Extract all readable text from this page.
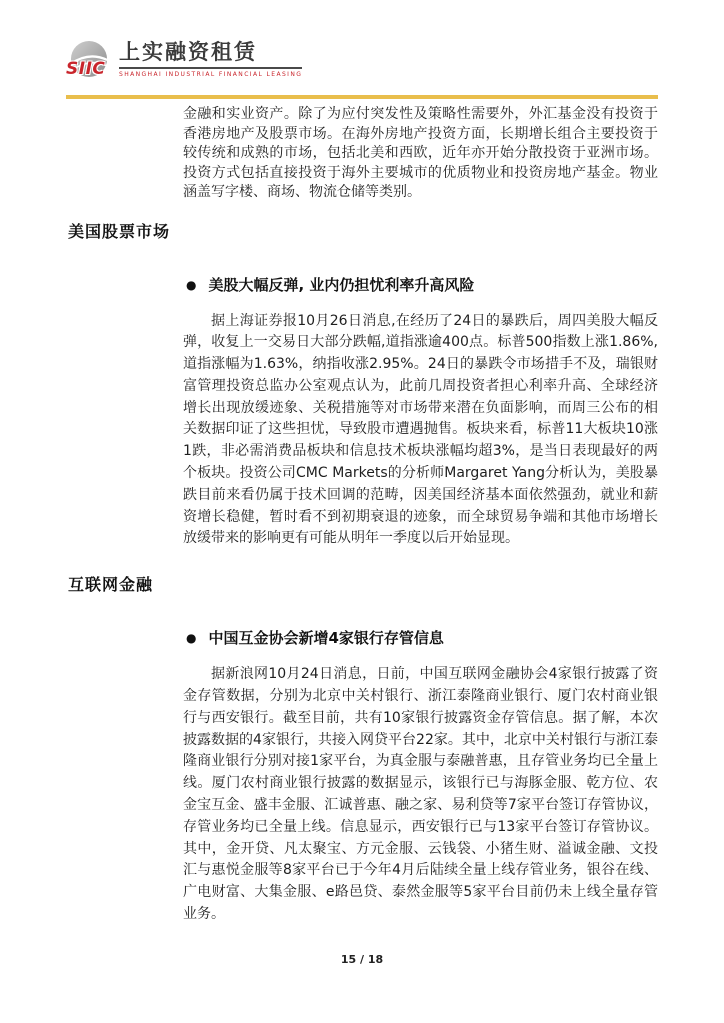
SIIC
上实融资租赁
SHANGHAI INDUSTRIAL FINANCIAL LEASING

金融和实业资产。除了为应付突发性及策略性需要外，外汇基金没有投资于香港房地产及股票市场。在海外房地产投资方面，长期增长组合主要投资于较传统和成熟的市场，包括北美和西欧，近年亦开始分散投资于亚洲市场。投资方式包括直接投资于海外主要城市的优质物业和投资房地产基金。物业涵盖写字楼、商场、物流仓储等类别。

美国股票市场
● 美股大幅反弹, 业内仍担忧利率升高风险

据上海证券报10月26日消息,在经历了24日的暴跌后，周四美股大幅反弹，收复上一交易日大部分跌幅,道指涨逾400点。标普500指数上涨1.86%,道指涨幅为1.63%，纳指收涨2.95%。24日的暴跌令市场措手不及，瑞银财富管理投资总监办公室观点认为，此前几周投资者担心利率升高、全球经济增长出现放缓迹象、关税措施等对市场带来潜在负面影响，而周三公布的相关数据印证了这些担忧，导致股市遭遇抛售。板块来看，标普11大板块10涨1跌，非必需消费品板块和信息技术板块涨幅均超3%，是当日表现最好的两个板块。投资公司CMC Markets的分析师Margaret Yang分析认为，美股暴跌目前来看仍属于技术回调的范畴，因美国经济基本面依然强劲，就业和薪资增长稳健，暂时看不到初期衰退的迹象，而全球贸易争端和其他市场增长放缓带来的影响更有可能从明年一季度以后开始显现。

互联网金融
● 中国互金协会新增4家银行存管信息

据新浪网10月24日消息，日前，中国互联网金融协会4家银行披露了资金存管数据，分别为北京中关村银行、浙江泰隆商业银行、厦门农村商业银行与西安银行。截至目前，共有10家银行披露资金存管信息。据了解，本次披露数据的4家银行，共接入网贷平台22家。其中，北京中关村银行与浙江泰隆商业银行分别对接1家平台，为真金服与泰融普惠，且存管业务均已全量上线。厦门农村商业银行披露的数据显示，该银行已与海豚金服、乾方位、农金宝互金、盛丰金服、汇诚普惠、融之家、易利贷等7家平台签订存管协议，存管业务均已全量上线。信息显示，西安银行已与13家平台签订存管协议。其中，金开贷、凡太聚宝、方元金服、云钱袋、小猪生财、溢诚金融、文投汇与惠悦金服等8家平台已于今年4月后陆续全量上线存管业务，银谷在线、广电财富、大集金服、e路邑贷、泰然金服等5家平台目前仍未上线全量存管业务。

15 / 18
